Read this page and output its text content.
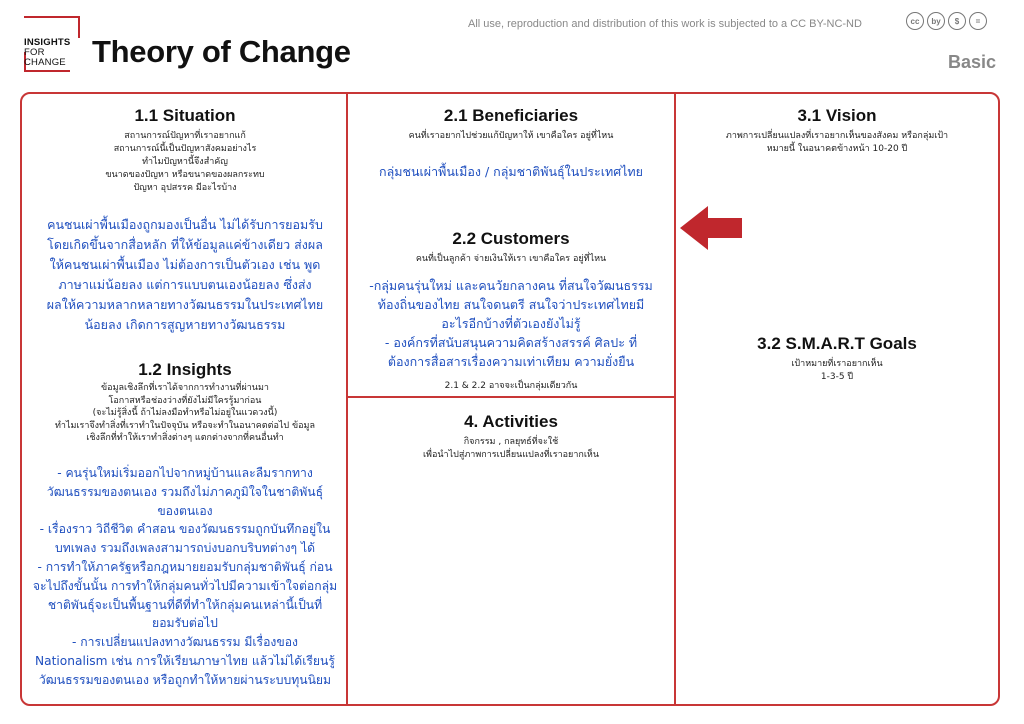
INSIGHTS
FOR
CHANGE Theory of Change
All use, reproduction and distribution of this work is subjected to a CC BY-NC-ND	cc	by	$	=
Basic
1.1 Situation
สถานการณ์ปัญหาที่เราอยากแก้
สถานการณ์นี้เป็นปัญหาสังคมอย่างไร
ทำไมปัญหานี้จึงสำคัญ
ขนาดของปัญหา หรือขนาดของผลกระทบ
ปัญหา อุปสรรค มีอะไรบ้าง
คนชนเผ่าพื้นเมืองถูกมองเป็นอื่น ไม่ได้รับการยอมรับ
โดยเกิดขึ้นจากสื่อหลัก ที่ให้ข้อมูลแค่ข้างเดียว ส่งผล
ให้คนชนเผ่าพื้นเมือง ไม่ต้องการเป็นตัวเอง เช่น พูด
ภาษาแม่น้อยลง แต่การแบบตนเองน้อยลง ซึ่งส่ง
ผลให้ความหลากหลายทางวัฒนธรรมในประเทศไทย
น้อยลง เกิดการสูญหายทางวัฒนธรรม
1.2 Insights
ข้อมูลเชิงลึกที่เราได้จากการทำงานที่ผ่านมา
โอกาสหรือช่องว่างที่ยังไม่มีใครรู้มาก่อน
(จะไม่รู้สิ่งนี้ ถ้าไม่ลงมือทำหรือไม่อยู่ในแวดวงนี้)
ทำไมเราจึงทำสิ่งที่เราทำในปัจจุบัน หรือจะทำในอนาคตต่อไป ข้อมูล
เชิงลึกที่ทำให้เราทำสิ่งต่างๆ แตกต่างจากที่คนอื่นทำ
- คนรุ่นใหม่เริ่มออกไปจากหมู่บ้านและลืมรากทาง
วัฒนธรรมของตนเอง รวมถึงไม่ภาคภูมิใจในชาติพันธุ์
ของตนเอง
- เรื่องราว วิถีชีวิต คำสอน ของวัฒนธรรมถูกบันทึกอยู่ใน
บทเพลง รวมถึงเพลงสามารถบ่งบอกบริบทต่างๆ ได้
- การทำให้ภาครัฐหรือกฎหมายยอมรับกลุ่มชาติพันธุ์ ก่อน
จะไปถึงขั้นนั้น การทำให้กลุ่มคนทั่วไปมีความเข้าใจต่อกลุ่ม
ชาติพันธุ์จะเป็นพื้นฐานที่ดีที่ทำให้กลุ่มคนเหล่านี้เป็นที่
ยอมรับต่อไป
- การเปลี่ยนแปลงทางวัฒนธรรม มีเรื่องของ
Nationalism เช่น การให้เรียนภาษาไทย แล้วไม่ได้เรียนรู้
วัฒนธรรมของตนเอง หรือถูกทำให้หายผ่านระบบทุนนิยม
2.1 Beneficiaries
คนที่เราอยากไปช่วยแก้ปัญหาให้ เขาคือใคร อยู่ที่ไหน
กลุ่มชนเผ่าพื้นเมือง / กลุ่มชาติพันธุ์ในประเทศไทย
2.2 Customers
คนที่เป็นลูกค้า จ่ายเงินให้เรา เขาคือใคร อยู่ที่ไหน
-กลุ่มคนรุ่นใหม่ และคนวัยกลางคน ที่สนใจวัฒนธรรม
ท้องถิ่นของไทย สนใจดนตรี สนใจว่าประเทศไทยมี
อะไรอีกบ้างที่ตัวเองยังไม่รู้
- องค์กรที่สนับสนุนความคิดสร้างสรรค์ ศิลปะ ที่
ต้องการสื่อสารเรื่องความเท่าเทียม ความยั่งยืน
2.1 & 2.2 อาจจะเป็นกลุ่มเดียวกัน
4. Activities
กิจกรรม , กลยุทธ์ที่จะใช้
เพื่อนำไปสู่ภาพการเปลี่ยนแปลงที่เราอยากเห็น
3.1 Vision
ภาพการเปลี่ยนแปลงที่เราอยากเห็นของสังคม หรือกลุ่มเป้า
หมายนี้ ในอนาคตข้างหน้า 10-20 ปี
3.2 S.M.A.R.T Goals
เป้าหมายที่เราอยากเห็น
1-3-5 ปี
